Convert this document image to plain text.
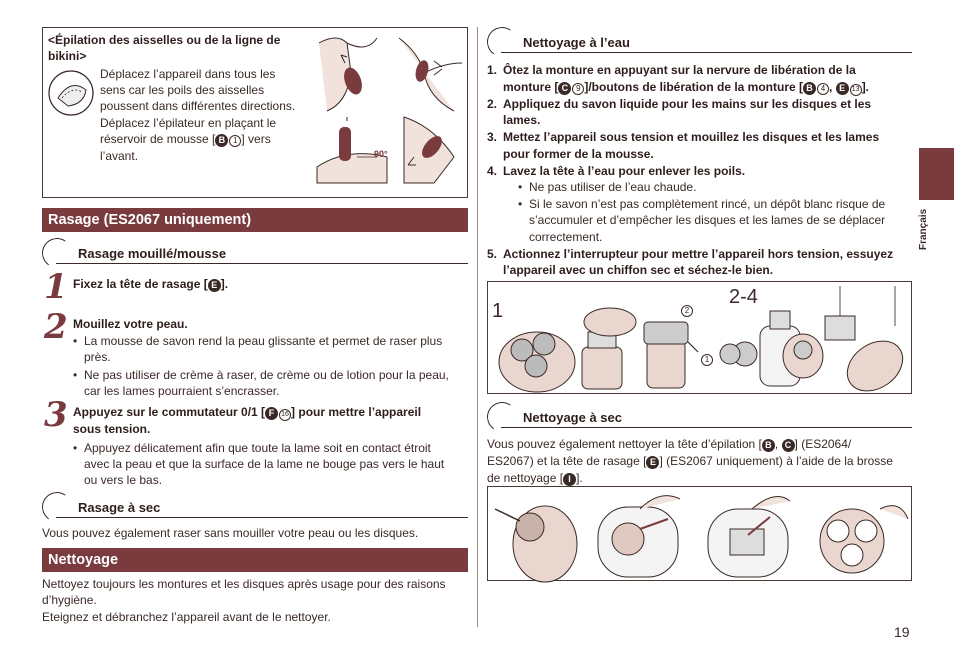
<Épilation des aisselles ou de la ligne de bikini>
Déplacez l’appareil dans tous les
sens car les poils des aisselles
poussent dans différentes directions.
Déplacez l’épilateur en plaçant le
réservoir de mousse [ B 1 ] vers
l’avant.	90°
Rasage (ES2067 uniquement)
Rasage mouillé/mousse
1 Fixez la tête de rasage [ E ].
2 Mouillez votre peau.
• La mousse de savon rend la peau glissante et permet de raser plus
près.
• Ne pas utiliser de crème à raser, de crème ou de lotion pour la peau,
car les lames pourraient s’encrasser.
3 Appuyez sur le commutateur 0/1 [ F 16 ] pour mettre l’appareil
sous tension.
• Appuyez délicatement afin que toute la lame soit en contact étroit
avec la peau et que la surface de la lame ne bouge pas vers le haut
ou vers le bas.
Rasage à sec
Vous pouvez également raser sans mouiller votre peau ou les disques.
Nettoyage
Nettoyez toujours les montures et les disques après usage pour des raisons
d’hygiène.
Eteignez et débranchez l’appareil avant de le nettoyer.
Nettoyage à l’eau
1. Ôtez la monture en appuyant sur la nervure de libération de la
monture [ C 9 ]/boutons de libération de la monture [ B 4 , E 13 ].
2. Appliquez du savon liquide pour les mains sur les disques et les
lames.
3. Mettez l’appareil sous tension et mouillez les disques et les lames
pour former de la mousse.
4. Lavez la tête à l’eau pour enlever les poils.
• Ne pas utiliser de l’eau chaude.
• Si le savon n’est pas complètement rincé, un dépôt blanc risque de
s’accumuler et d’empêcher les disques et les lames de se déplacer
correctement.
5. Actionnez l’interrupteur pour mettre l’appareil hors tension, essuyez
l’appareil avec un chiffon sec et séchez-le bien.
1
2-4
2
1
Nettoyage à sec
Vous pouvez également nettoyer la tête d’épilation [ B , C ] (ES2064/
ES2067) et la tête de rasage [ E ] (ES2067 uniquement) à l’aide de la brosse
de nettoyage [ I ].
Français
19
